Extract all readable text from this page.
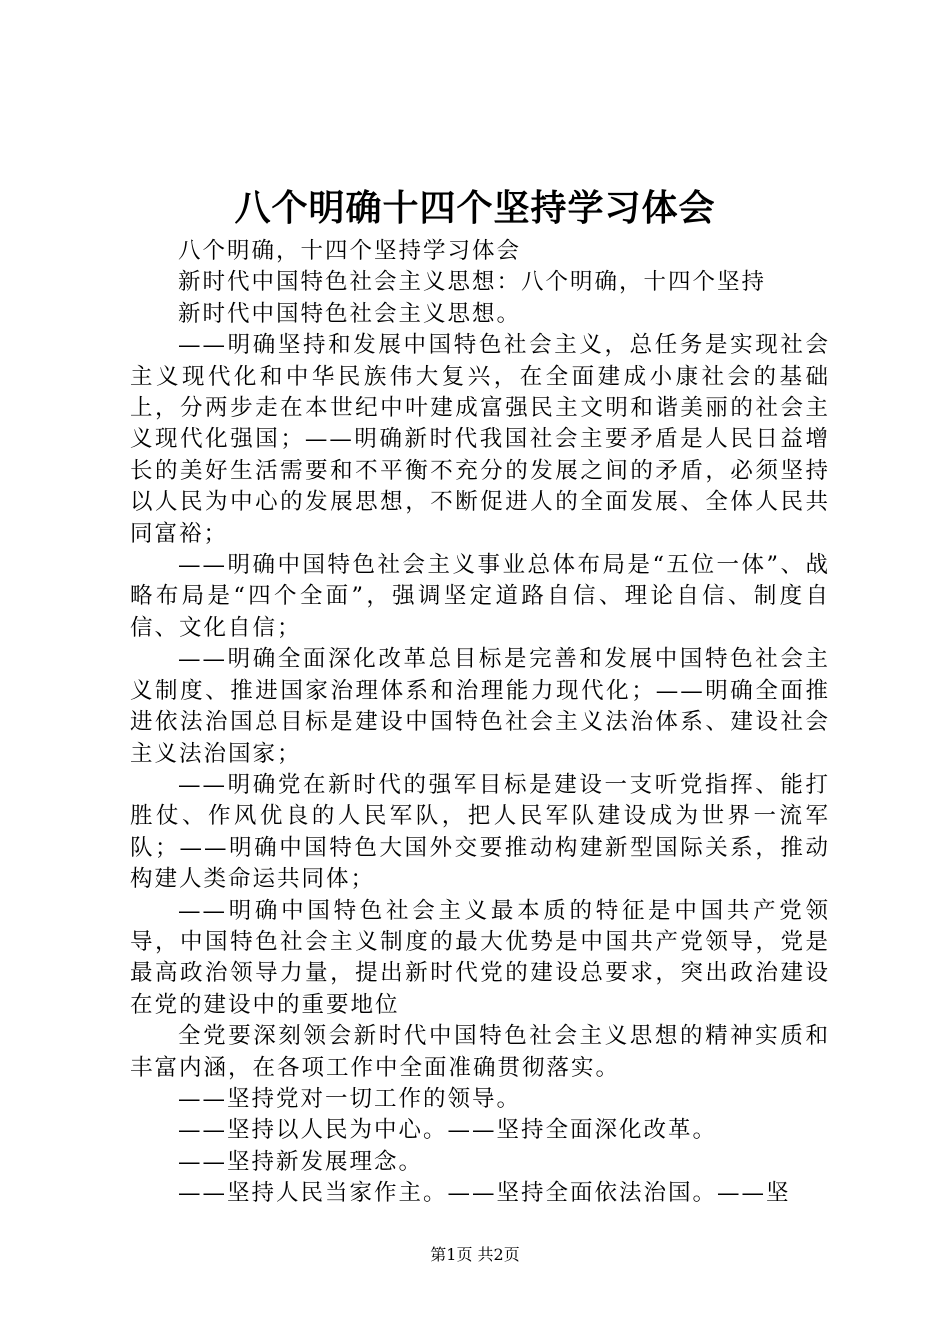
八个明确十四个坚持学习体会

八个明确，十四个坚持学习体会

新时代中国特色社会主义思想：八个明确，十四个坚持

新时代中国特色社会主义思想。

——明确坚持和发展中国特色社会主义，总任务是实现社会主义现代化和中华民族伟大复兴，在全面建成小康社会的基础上，分两步走在本世纪中叶建成富强民主文明和谐美丽的社会主义现代化强国；——明确新时代我国社会主要矛盾是人民日益增长的美好生活需要和不平衡不充分的发展之间的矛盾，必须坚持以人民为中心的发展思想，不断促进人的全面发展、全体人民共同富裕；

——明确中国特色社会主义事业总体布局是“五位一体”、战略布局是“四个全面”，强调坚定道路自信、理论自信、制度自信、文化自信；

——明确全面深化改革总目标是完善和发展中国特色社会主义制度、推进国家治理体系和治理能力现代化；——明确全面推进依法治国总目标是建设中国特色社会主义法治体系、建设社会主义法治国家；

——明确党在新时代的强军目标是建设一支听党指挥、能打胜仗、作风优良的人民军队，把人民军队建设成为世界一流军队；——明确中国特色大国外交要推动构建新型国际关系，推动构建人类命运共同体；

——明确中国特色社会主义最本质的特征是中国共产党领导，中国特色社会主义制度的最大优势是中国共产党领导，党是最高政治领导力量，提出新时代党的建设总要求，突出政治建设在党的建设中的重要地位

全党要深刻领会新时代中国特色社会主义思想的精神实质和丰富内涵，在各项工作中全面准确贯彻落实。

——坚持党对一切工作的领导。

——坚持以人民为中心。——坚持全面深化改革。

——坚持新发展理念。

——坚持人民当家作主。——坚持全面依法治国。——坚

第1页 共2页
